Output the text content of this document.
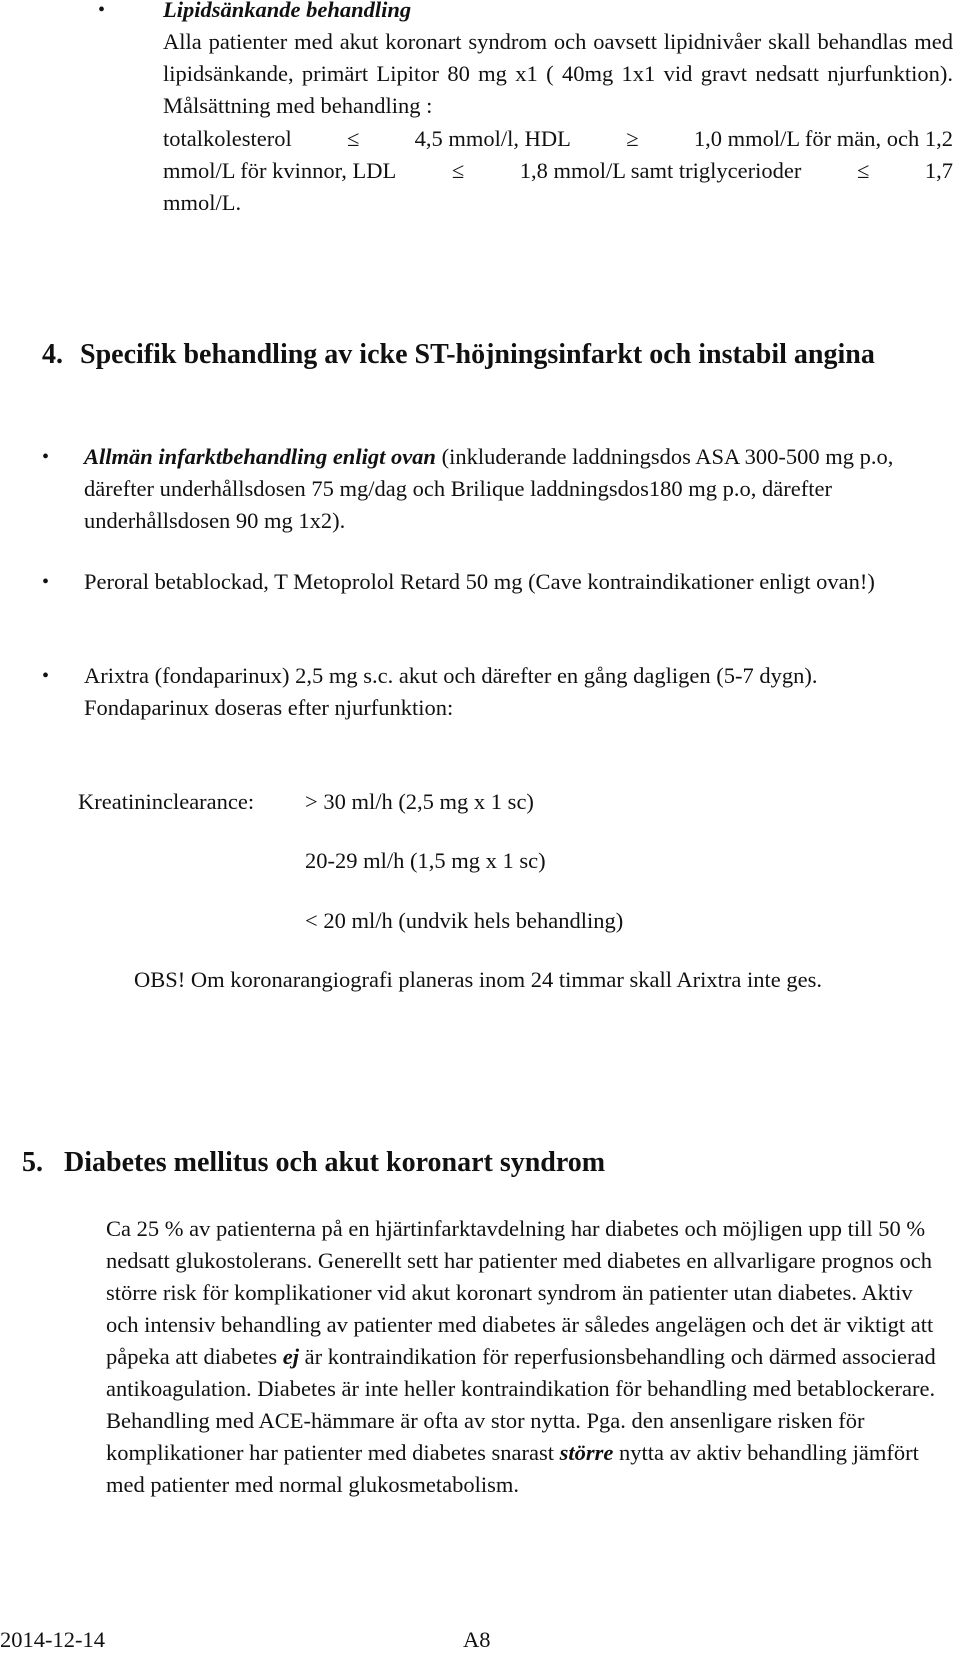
•	Lipidsänkande behandling
Alla patienter med akut koronart syndrom och oavsett lipidnivåer skall behandlas med lipidsänkande, primärt Lipitor 80 mg x1 ( 40mg 1x1 vid gravt nedsatt njurfunktion). Målsättning med behandling :
totalkolesterol ≤ 4,5 mmol/l, HDL ≥ 1,0 mmol/L för män, och 1,2
mmol/L för kvinnor, LDL ≤ 1,8 mmol/L samt triglycerioder ≤ 1,7
mmol/L.
4. Specifik behandling av icke ST-höjningsinfarkt och instabil angina
• Allmän infarktbehandling enligt ovan (inkluderande laddningsdos ASA 300-500 mg p.o, därefter underhållsdosen 75 mg/dag och Brilique laddningsdos180 mg p.o, därefter underhållsdosen 90 mg 1x2).
• Peroral betablockad, T Metoprolol Retard 50 mg (Cave kontraindikationer enligt ovan!)
• Arixtra (fondaparinux) 2,5 mg s.c. akut och därefter en gång dagligen (5-7 dygn). Fondaparinux doseras efter njurfunktion:
Kreatininclearance: > 30 ml/h (2,5 mg x 1 sc)
20-29 ml/h (1,5 mg x 1 sc)
< 20 ml/h (undvik hels behandling)
OBS! Om koronarangiografi planeras inom 24 timmar skall Arixtra inte ges.
5. Diabetes mellitus och akut koronart syndrom
Ca 25 % av patienterna på en hjärtinfarktavdelning har diabetes och möjligen upp till 50 % nedsatt glukostolerans. Generellt sett har patienter med diabetes en allvarligare prognos och större risk för komplikationer vid akut koronart syndrom än patienter utan diabetes. Aktiv och intensiv behandling av patienter med diabetes är således angelägen och det är viktigt att påpeka att diabetes ej är kontraindikation för reperfusionsbehandling och därmed associerad antikoagulation. Diabetes är inte heller kontraindikation för behandling med betablockerare. Behandling med ACE-hämmare är ofta av stor nytta. Pga. den ansenligare risken för komplikationer har patienter med diabetes snarast större nytta av aktiv behandling jämfört med patienter med normal glukosmetabolism.
2014-12-14	A8
